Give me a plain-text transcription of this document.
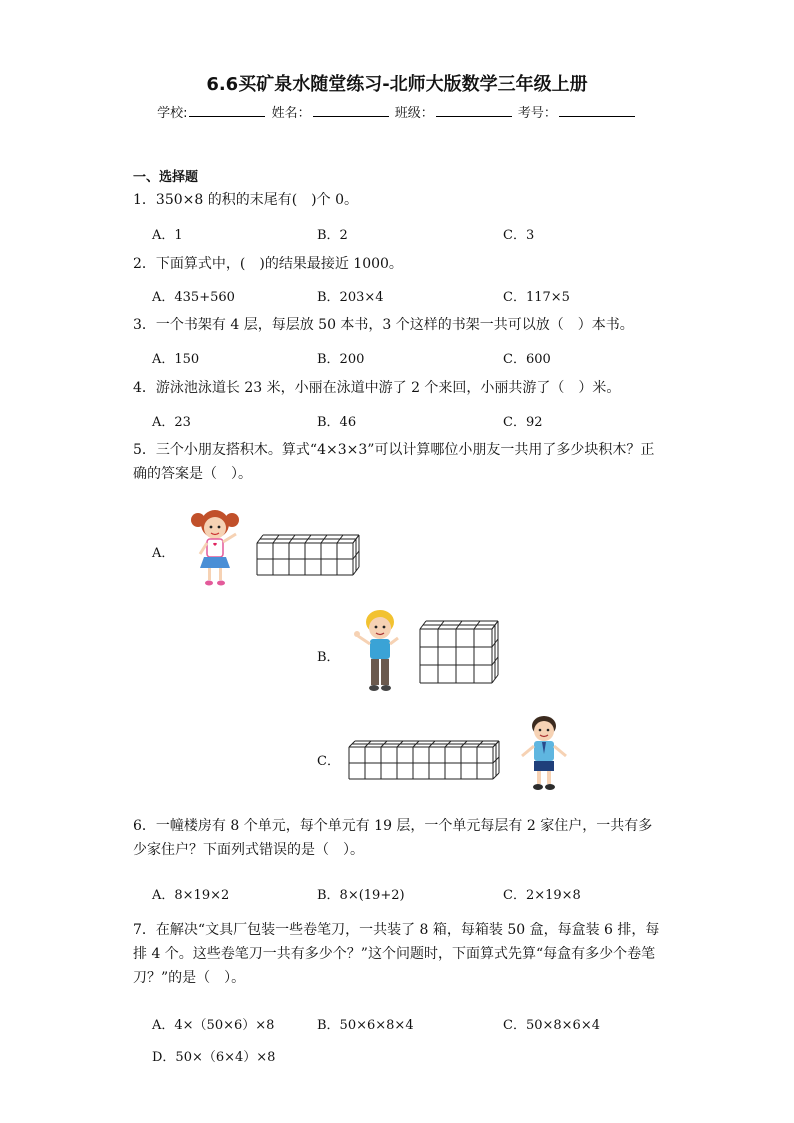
6.6买矿泉水随堂练习-北师大版数学三年级上册
学校:	姓名：	班级：	考号：
一、选择题
1．350×8 的积的末尾有(　)个 0。
A．1	B．2	C．3
2．下面算式中，(　)的结果最接近 1000。
A．435+560	B．203×4	C．117×5
3．一个书架有 4 层，每层放 50 本书，3 个这样的书架一共可以放（　）本书。
A．150	B．200	C．600
4．游泳池泳道长 23 米，小丽在泳道中游了 2 个来回，小丽共游了（　）米。
A．23	B．46	C．92
5．三个小朋友搭积木。算式“4×3×3”可以计算哪位小朋友一共用了多少块积木？正确的答案是（　）。
A．
B．
C．
6．一幢楼房有 8 个单元，每个单元有 19 层，一个单元每层有 2 家住户，一共有多少家住户？下面列式错误的是（　）。
A．8×19×2	B．8×(19+2)	C．2×19×8
7．在解决“文具厂包装一些卷笔刀，一共装了 8 箱，每箱装 50 盒，每盒装 6 排，每排 4 个。这些卷笔刀一共有多少个？”这个问题时，下面算式先算“每盒有多少个卷笔刀？”的是（　）。
A．4×（50×6）×8	B．50×6×8×4	C．50×8×6×4
D．50×（6×4）×8
